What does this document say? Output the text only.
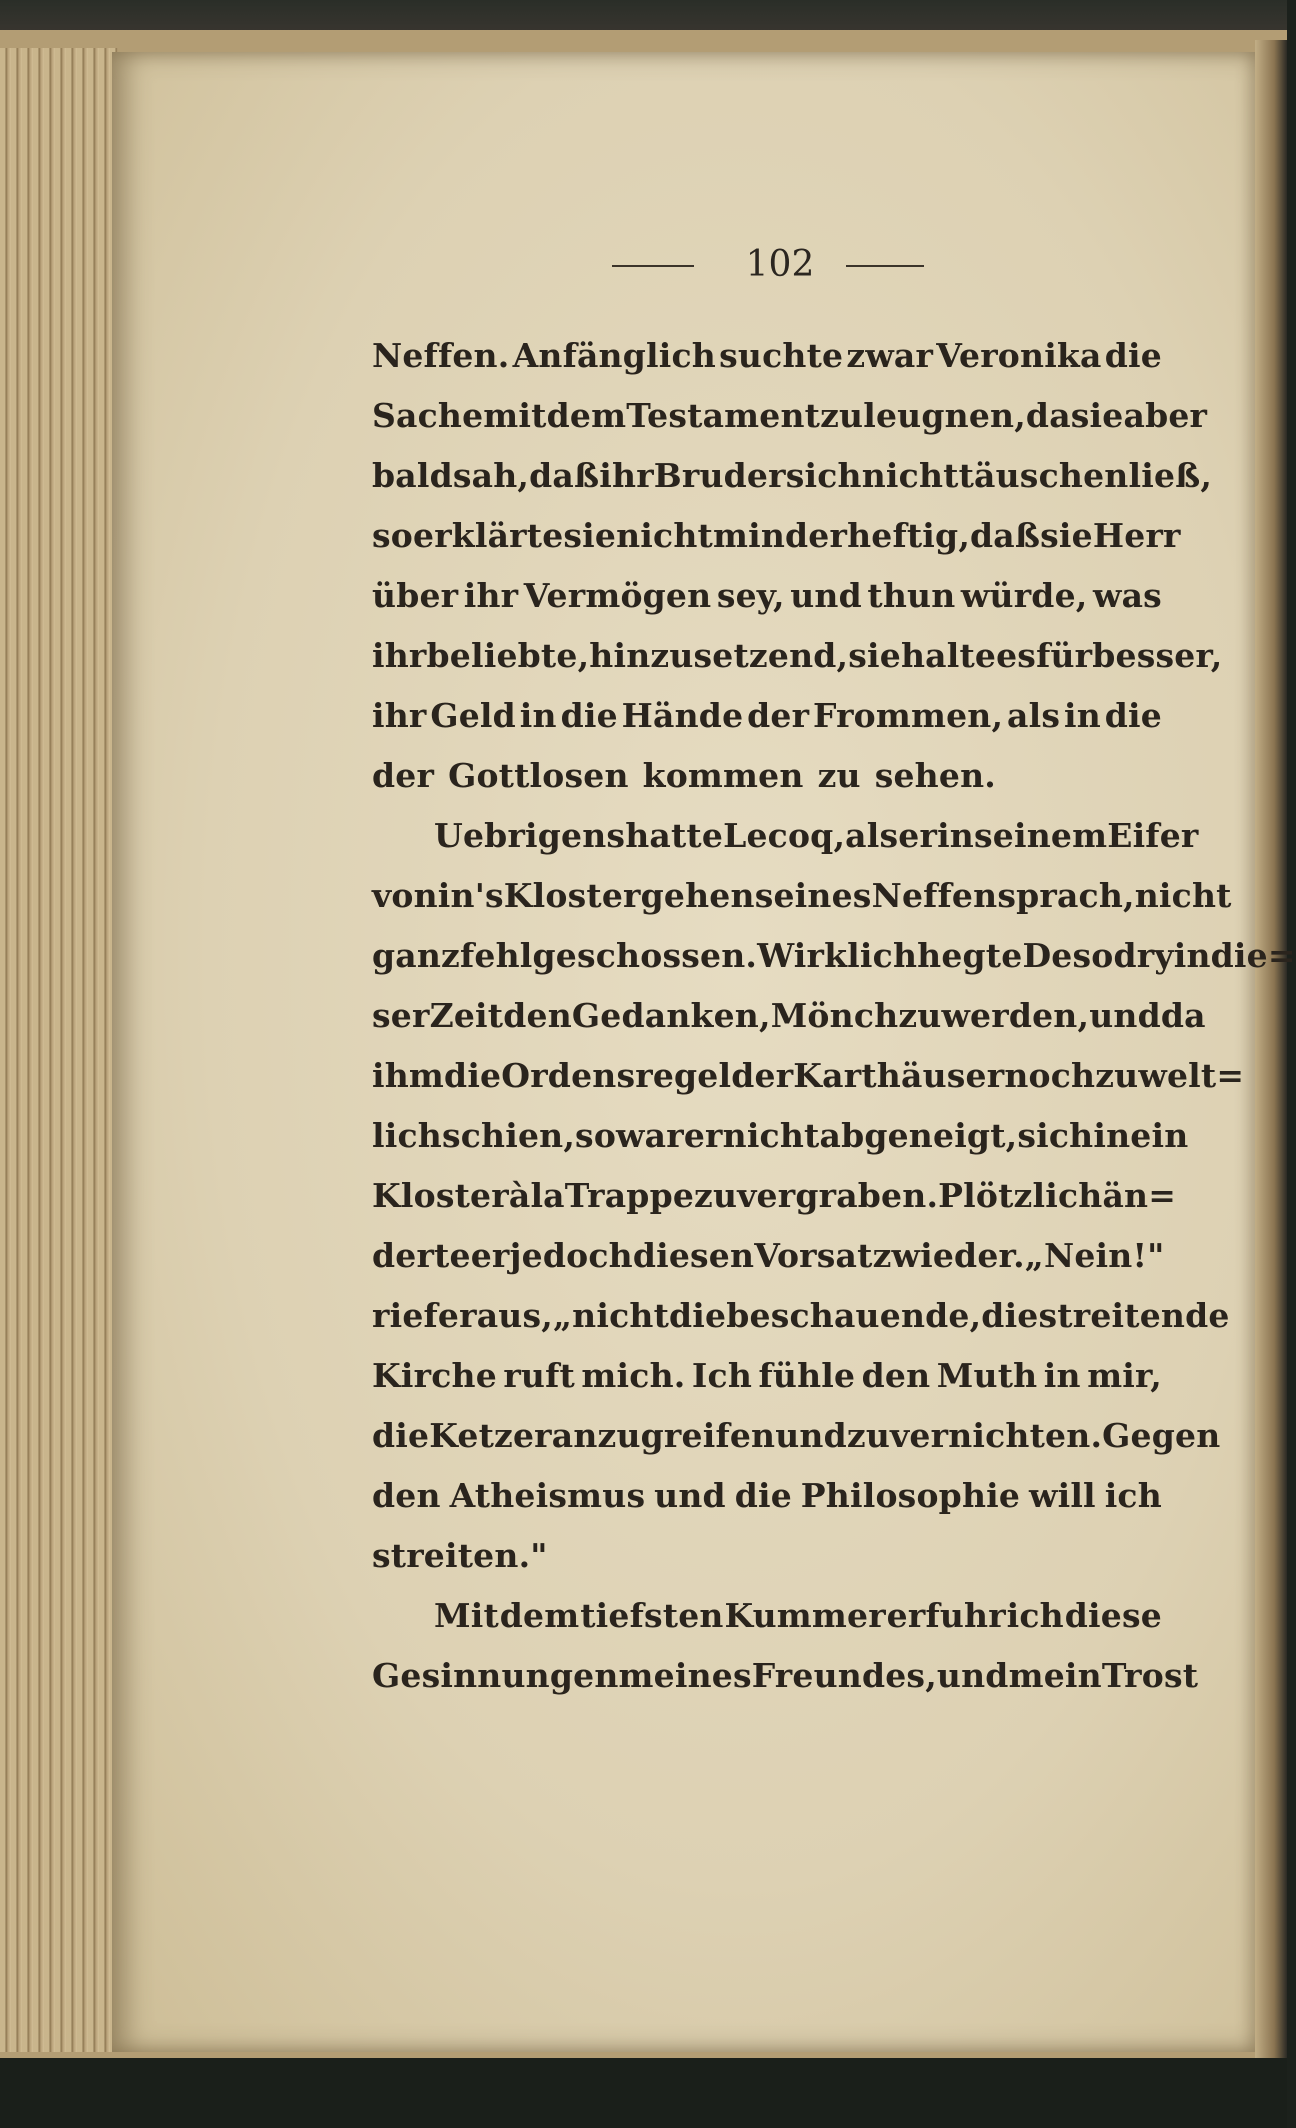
102
Neffen. Anfänglich suchte zwar Veronika die
Sache mit dem Testament zu leugnen, da sie aber
bald sah, daß ihr Bruder sich nicht täuschen ließ,
so erklärte sie nicht minder heftig, daß sie Herr
über ihr Vermögen sey, und thun würde, was
ihr beliebte, hinzusetzend, sie halte es für besser,
ihr Geld in die Hände der Frommen, als in die
der Gottlosen kommen zu sehen.
Uebrigens hatte Lecoq, als er in seinem Eifer
von in's Klostergehen seines Neffen sprach, nicht
ganz fehlgeschossen. Wirklich hegte Desodry in die=
ser Zeit den Gedanken, Mönch zu werden, und da
ihm die Ordensregel der Karthäuser noch zu welt=
lich schien, so war er nicht abgeneigt, sich in ein
Kloster à la Trappe zu vergraben. Plötzlich än=
derte er jedoch diesen Vorsatz wieder. „Nein!"
rief er aus, „nicht die beschauende, die streitende
Kirche ruft mich. Ich fühle den Muth in mir,
die Ketzer anzugreifen und zu vernichten. Gegen
den Atheismus und die Philosophie will ich
streiten."
Mit dem tiefsten Kummer erfuhr ich diese
Gesinnungen meines Freundes, und mein Trost
